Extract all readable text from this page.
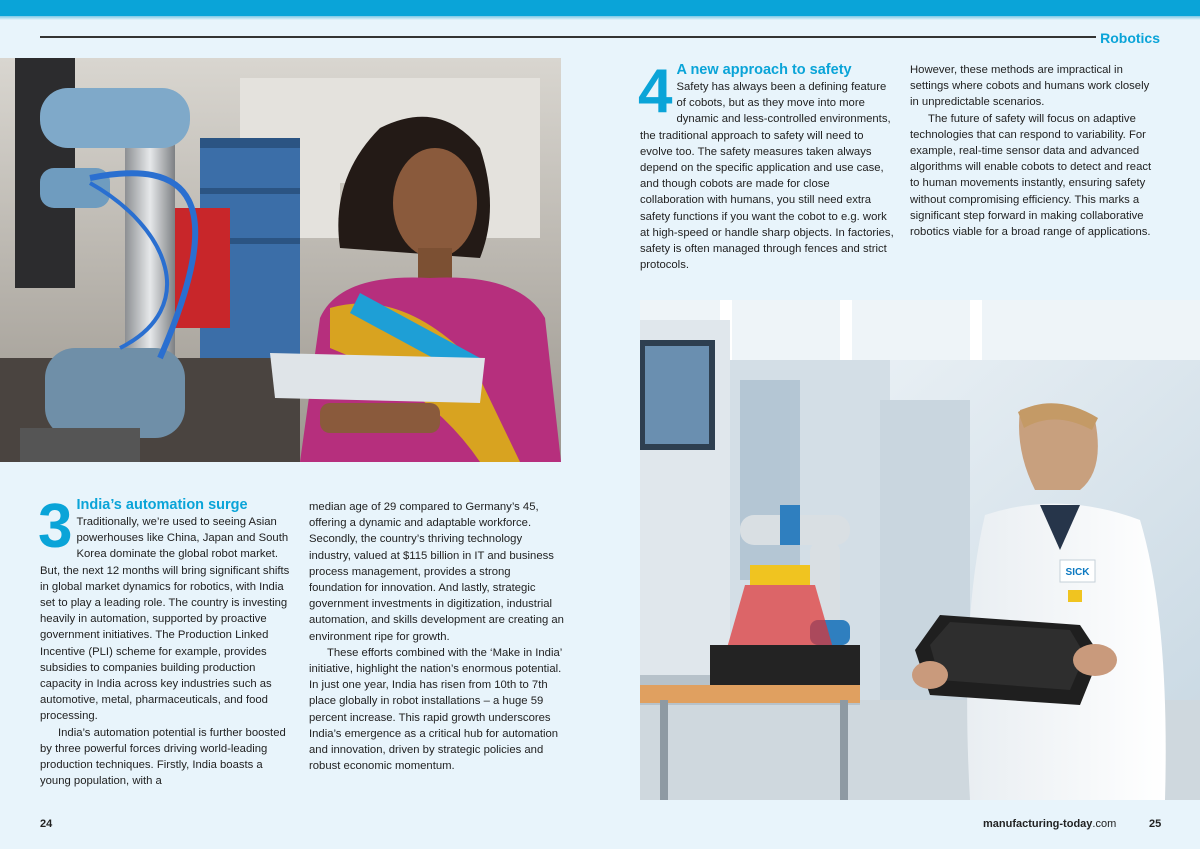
Robotics
SICK
3 India’s automation surge

Traditionally, we’re used to seeing Asian powerhouses like China, Japan and South Korea dominate the global robot market. But, the next 12 months will bring significant shifts in global market dynamics for robotics, with India set to play a leading role. The country is investing heavily in automation, supported by proactive government initiatives. The Production Linked Incentive (PLI) scheme for example, provides subsidies to companies building production capacity in India across key industries such as automotive, metal, pharmaceuticals, and food processing.

India’s automation potential is further boosted by three powerful forces driving world-leading production techniques. Firstly, India boasts a young population, with a

median age of 29 compared to Germany’s 45, offering a dynamic and adaptable workforce. Secondly, the country’s thriving technology industry, valued at $115 billion in IT and business process management, provides a strong foundation for innovation. And lastly, strategic government investments in digitization, industrial automation, and skills development are creating an environment ripe for growth.

These efforts combined with the ‘Make in India’ initiative, highlight the nation’s enormous potential. In just one year, India has risen from 10th to 7th place globally in robot installations – a huge 59 percent increase. This rapid growth underscores India’s emergence as a critical hub for automation and innovation, driven by strategic policies and robust economic momentum.

4 A new approach to safety

Safety has always been a defining feature of cobots, but as they move into more dynamic and less-controlled environments, the traditional approach to safety will need to evolve too. The safety measures taken always depend on the specific application and use case, and though cobots are made for close collaboration with humans, you still need extra safety functions if you want the cobot to e.g. work at high-speed or handle sharp objects. In factories, safety is often managed through fences and strict protocols.

However, these methods are impractical in settings where cobots and humans work closely in unpredictable scenarios.

The future of safety will focus on adaptive technologies that can respond to variability. For example, real-time sensor data and advanced algorithms will enable cobots to detect and react to human movements instantly, ensuring safety without compromising efficiency. This marks a significant step forward in making collaborative robotics viable for a broad range of applications.

24	manufacturing-today.com	25
